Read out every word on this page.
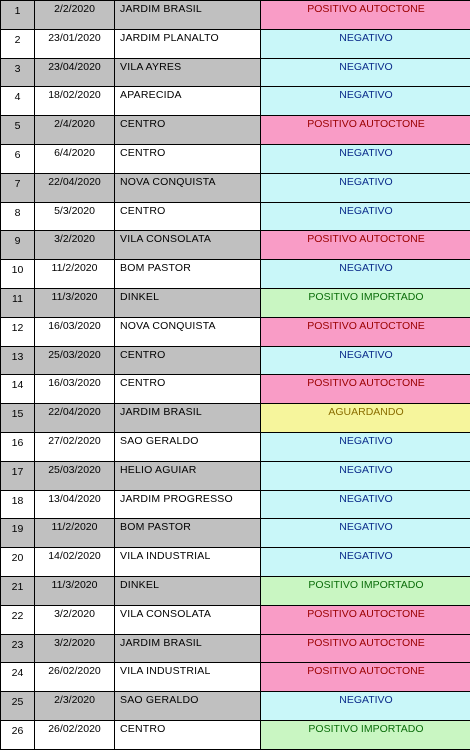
1	2/2/2020	JARDIM BRASIL	POSITIVO AUTOCTONE
2	23/01/2020	JARDIM PLANALTO	NEGATIVO
3	23/04/2020	VILA AYRES	NEGATIVO
4	18/02/2020	APARECIDA	NEGATIVO
5	2/4/2020	CENTRO	POSITIVO AUTOCTONE
6	6/4/2020	CENTRO	NEGATIVO
7	22/04/2020	NOVA CONQUISTA	NEGATIVO
8	5/3/2020	CENTRO	NEGATIVO
9	3/2/2020	VILA CONSOLATA	POSITIVO AUTOCTONE
10	11/2/2020	BOM PASTOR	NEGATIVO
11	11/3/2020	DINKEL	POSITIVO IMPORTADO
12	16/03/2020	NOVA CONQUISTA	POSITIVO AUTOCTONE
13	25/03/2020	CENTRO	NEGATIVO
14	16/03/2020	CENTRO	POSITIVO AUTOCTONE
15	22/04/2020	JARDIM BRASIL	AGUARDANDO
16	27/02/2020	SAO GERALDO	NEGATIVO
17	25/03/2020	HELIO AGUIAR	NEGATIVO
18	13/04/2020	JARDIM PROGRESSO	NEGATIVO
19	11/2/2020	BOM PASTOR	NEGATIVO
20	14/02/2020	VILA INDUSTRIAL	NEGATIVO
21	11/3/2020	DINKEL	POSITIVO IMPORTADO
22	3/2/2020	VILA CONSOLATA	POSITIVO AUTOCTONE
23	3/2/2020	JARDIM BRASIL	POSITIVO AUTOCTONE
24	26/02/2020	VILA INDUSTRIAL	POSITIVO AUTOCTONE
25	2/3/2020	SAO GERALDO	NEGATIVO
26	26/02/2020	CENTRO	POSITIVO IMPORTADO
